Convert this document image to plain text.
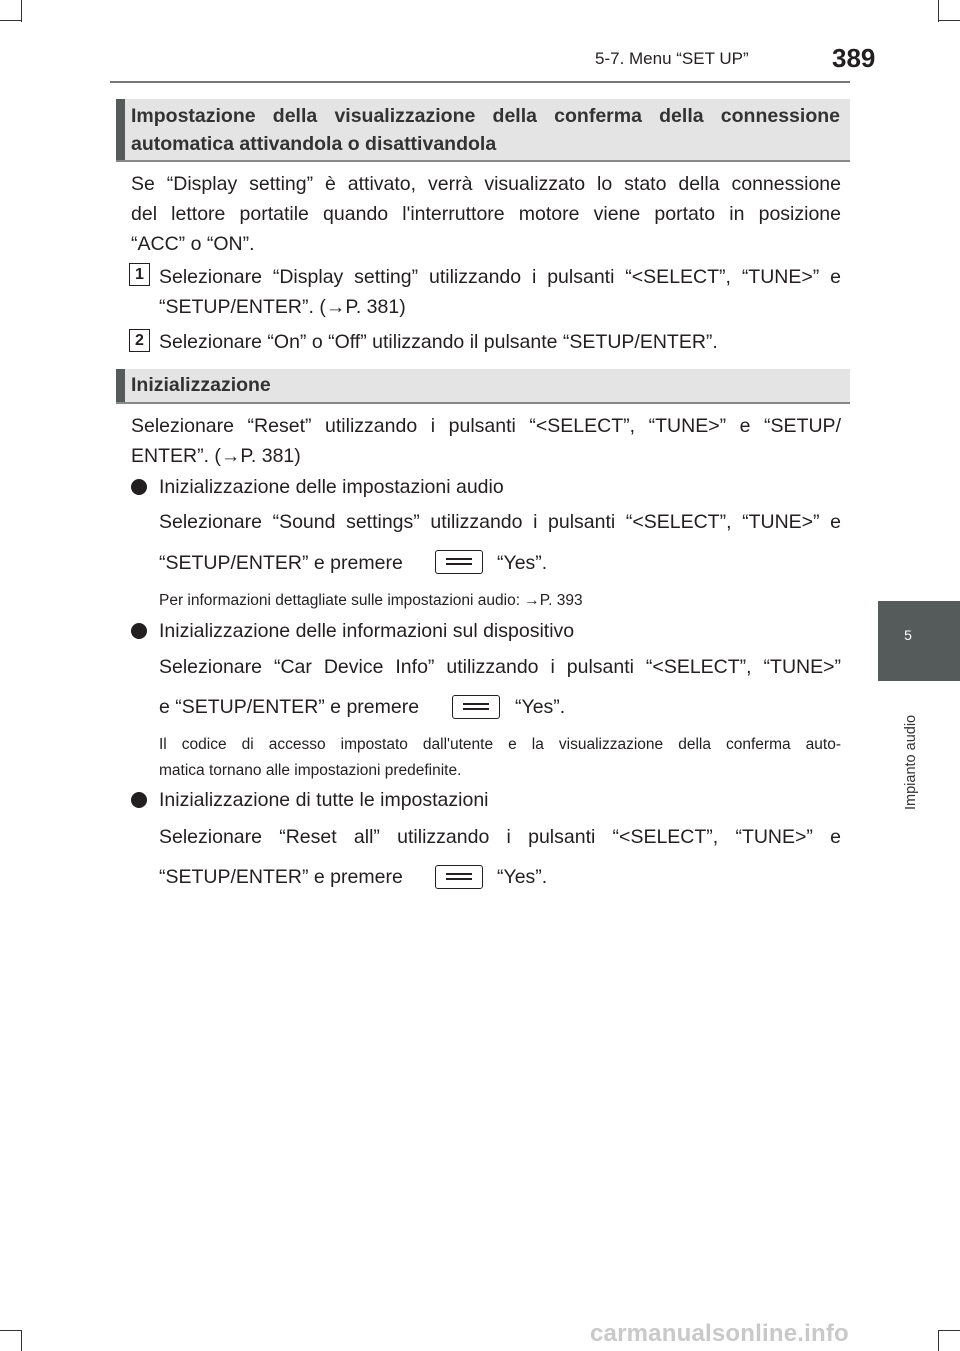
5-7. Menu “SET UP”	389
Impostazione della visualizzazione della conferma della connessione
automatica attivandola o disattivandola
Se “Display setting” è attivato, verrà visualizzato lo stato della connessione
del lettore portatile quando l'interruttore motore viene portato in posizione
“ACC” o “ON”.
1 Selezionare “Display setting” utilizzando i pulsanti “<SELECT”, “TUNE>” e
“SETUP/ENTER”. (→P. 381)
2 Selezionare “On” o “Off” utilizzando il pulsante “SETUP/ENTER”.
Inizializzazione
Selezionare “Reset” utilizzando i pulsanti “<SELECT”, “TUNE>” e “SETUP/
ENTER”. (→P. 381)
Inizializzazione delle impostazioni audio
Selezionare “Sound settings” utilizzando i pulsanti “<SELECT”, “TUNE>” e
“SETUP/ENTER” e premere	“Yes”.
Per informazioni dettagliate sulle impostazioni audio: →P. 393
Inizializzazione delle informazioni sul dispositivo
Selezionare “Car Device Info” utilizzando i pulsanti “<SELECT”, “TUNE>”
e “SETUP/ENTER” e premere	“Yes”.
Il codice di accesso impostato dall'utente e la visualizzazione della conferma auto-
matica tornano alle impostazioni predefinite.
Inizializzazione di tutte le impostazioni
Selezionare “Reset all” utilizzando i pulsanti “<SELECT”, “TUNE>” e
“SETUP/ENTER” e premere	“Yes”.
5
Impianto audio
carmanualsonline.info
